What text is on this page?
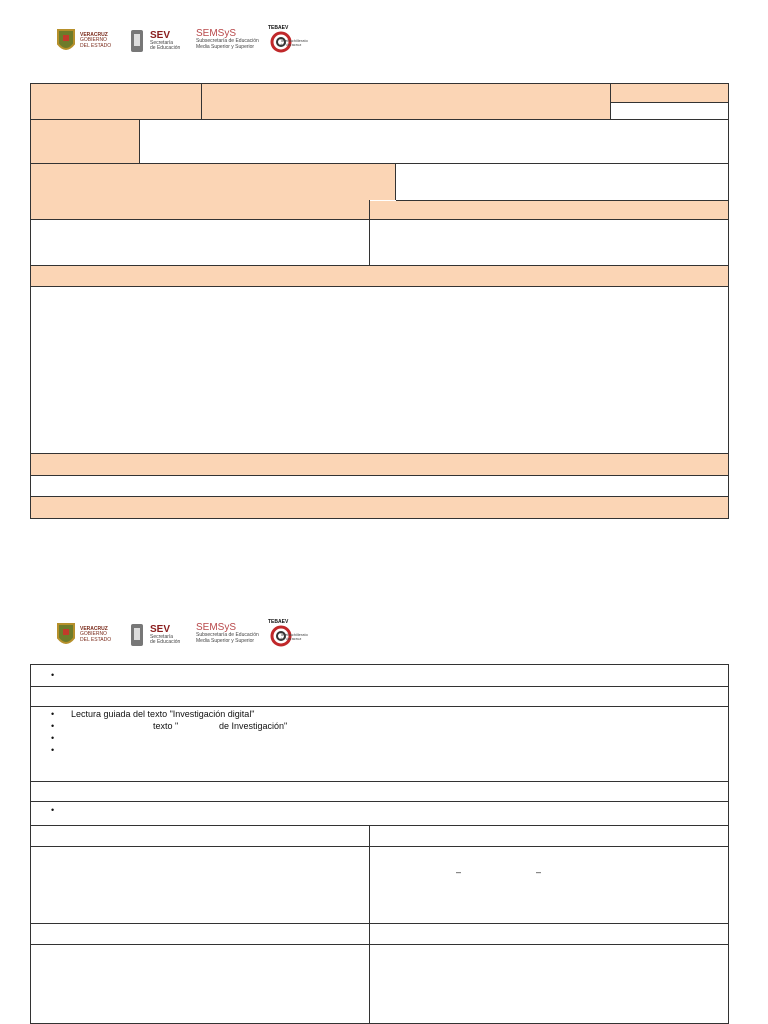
VERACRUZ
GOBIERNO
DEL ESTADO
SEV
Secretaría
de Educación
SEMSyS
Subsecretaría de Educación
Media Superior y Superior
TEBAEV
Telebachillerato
de Veracruz
VERACRUZ
GOBIERNO
DEL ESTADO
SEV
Secretaría
de Educación
SEMSyS
Subsecretaría de Educación
Media Superior y Superior
TEBAEV
Telebachillerato
de Veracruz
•
• Lectura guiada del texto "Investigación digital"
•	texto "	de Investigación"
•
•
•
–	–
